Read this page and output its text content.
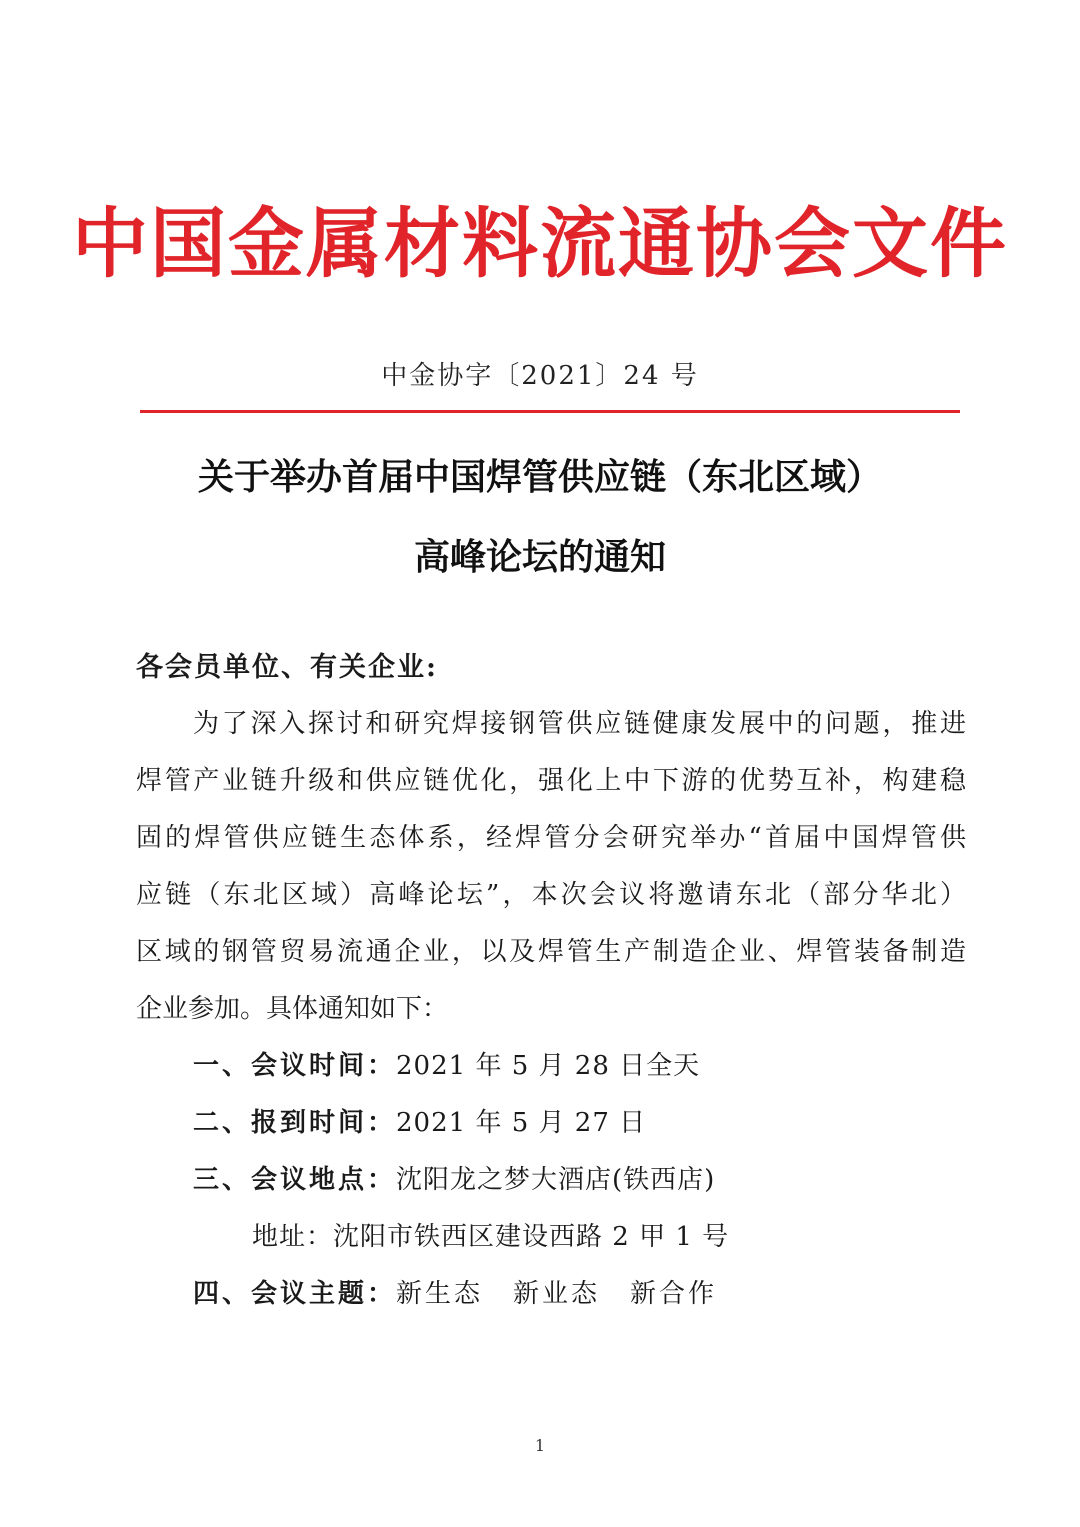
中国金属材料流通协会文件
中金协字〔2021〕24 号
关于举办首届中国焊管供应链（东北区域）
高峰论坛的通知
各会员单位、有关企业:
为了深入探讨和研究焊接钢管供应链健康发展中的问题，推进
焊管产业链升级和供应链优化，强化上中下游的优势互补，构建稳
固的焊管供应链生态体系，经焊管分会研究举办“首届中国焊管供
应链（东北区域）高峰论坛”，本次会议将邀请东北（部分华北）
区域的钢管贸易流通企业，以及焊管生产制造企业、焊管装备制造
企业参加。具体通知如下：
一、会议时间：2021 年 5 月 28 日全天
二、报到时间：2021 年 5 月 27 日
三、会议地点：沈阳龙之梦大酒店(铁西店)
地址：沈阳市铁西区建设西路 2 甲 1 号
四、会议主题：新生态 新业态 新合作
1
